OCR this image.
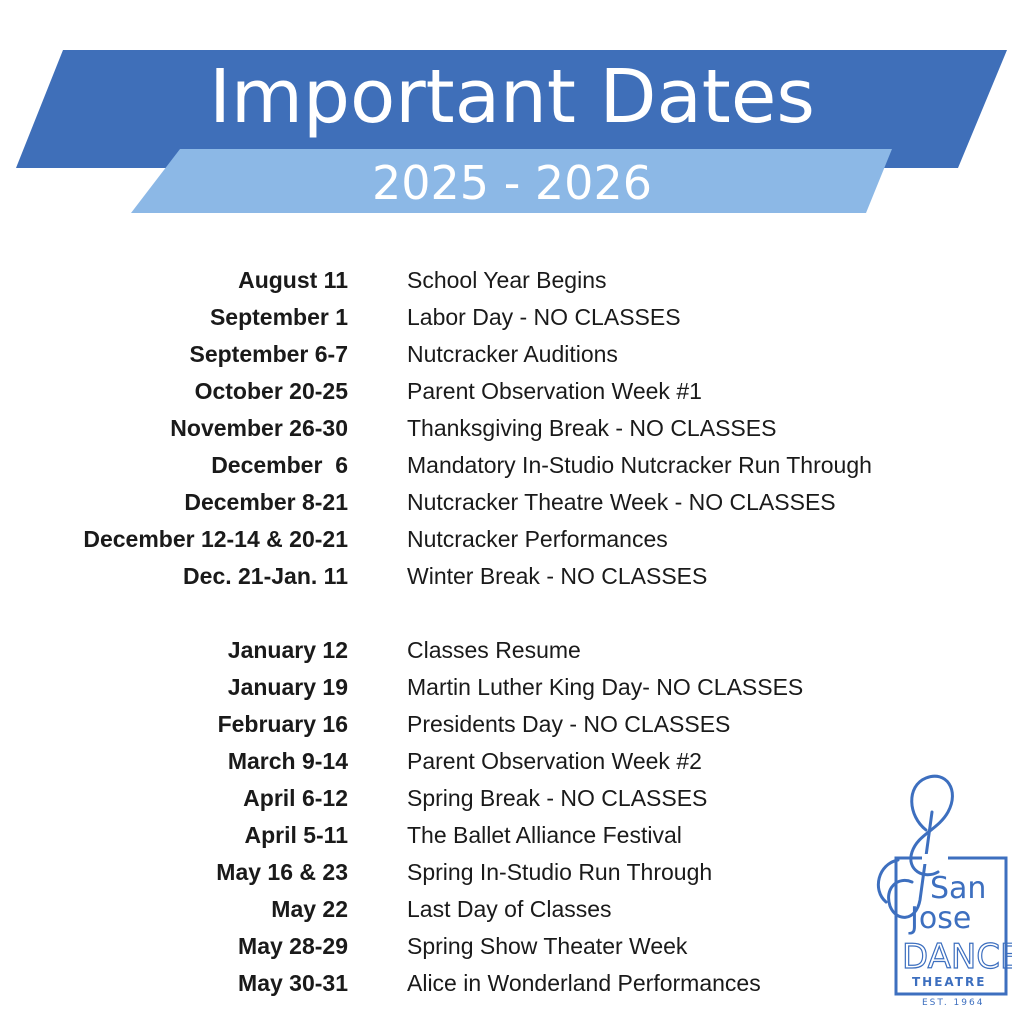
Important Dates
2025 - 2026
August 11	School Year Begins
September 1	Labor Day - NO CLASSES
September 6-7	Nutcracker Auditions
October 20-25	Parent Observation Week #1
November 26-30	Thanksgiving Break - NO CLASSES
December  6	Mandatory In-Studio Nutcracker Run Through
December 8-21	Nutcracker Theatre Week - NO CLASSES
December 12-14 & 20-21	Nutcracker Performances
Dec. 21-Jan. 11	Winter Break - NO CLASSES
January 12	Classes Resume
January 19	Martin Luther King Day- NO CLASSES
February 16	Presidents Day - NO CLASSES
March 9-14	Parent Observation Week #2
April 6-12	Spring Break - NO CLASSES
April 5-11	The Ballet Alliance Festival
May 16 & 23	Spring In-Studio Run Through
May 22	Last Day of Classes
May 28-29	Spring Show Theater Week
May 30-31	Alice in Wonderland Performances
San
Jose
DANCE
THEATRE
EST. 1964
